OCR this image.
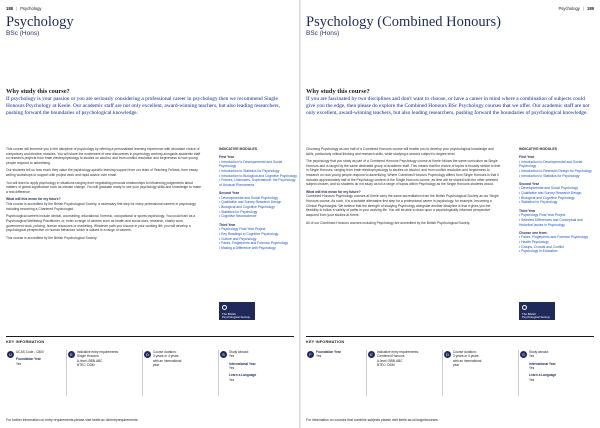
188 | Psychology
Psychology
BSc (Hons)
Why study this course?
If psychology is your passion or you are seriously considering a professional career in psychology then we recommend Single Honours Psychology at Keele. Our academic staff are not only excellent, award-winning teachers, but also leading researchers, pushing forward the boundaries of psychological knowledge.

This course will immerse you in the discipline of psychology by offering a personalised learning experience with abundant choice of compulsory and elective modules. You will share the excitement of new discoveries in psychology working alongside academic staff on research projects from brain electrophysiology to studies on alcohol, and from conflict resolution and forgiveness to how young people respond to advertising.

Our students tell us how much they value the psychology-specific learning support from our team of Teaching Fellows, from essay writing workshops to support with project work and rapid advice over email.

You will learn to apply psychology in situations ranging from negotiating personal relationships to influencing judgements about matters of global significance such as climate change. You will graduate ready to use your psychology skills and knowledge to make a real difference.

What will this mean for my future?

This course is accredited by the British Psychological Society, a necessary first step for many professional careers in psychology including becoming a Chartered Psychologist.

Psychological careers include clinical, counselling, educational, forensic, occupational or sports psychology. You could train as a Psychological Wellbeing Practitioner, or, enter a range of careers such as health and social work, research, charity work, government work, policing, human resources or marketing. Whatever path you choose in your working life, you will develop a psychological perspective on human behaviour which is valued in a range of careers.

This course is accredited by the British Psychological Society.

INDICATIVE MODULES
First Year
• Introduction to Developmental and Social Psychology
• Introduction to Statistics for Psychology
• Introduction to Biological and Cognitive Psychology
• Futures, Unknowns, Supernatural: the Psychology of Unusual Phenomena
Second Year
• Developmental and Social Psychology
• Qualitative and Survey Research Design
• Biological and Cognitive Psychology
• Statistics for Psychology
• Cognitive Neuroscience
Third Year
• Psychology Final Year Project
• Key Readings in Cognitive Psychology
• Culture and Psychology
• Faces, Fingerprints and Forensic Psychology
• Making a Difference with Psychology

The British Psychological Society
KEY INFORMATION
U	UCAS Code - C800
Foundation Year
Yes
E	Indicative entry requirements:
Single Honours
A-level: BBB-ABC
BTEC: DDM
D	Course duration:
3 years or 4 years
with an international
year
S	Study abroad:
Yes
International Year
Yes
Learn a Language
Yes
For further information on entry requirements please visit keele.ac.uk/entryrequirements
Psychology | 189
Psychology (Combined Honours)
BSc (Hons)
Why study this course?
If you are fascinated by two disciplines and don't want to choose, or have a career in mind where a combination of subjects could give you the edge, then please do explore the Combined Honours BSc Psychology courses that we offer. Our academic staff are not only excellent, award-winning teachers, but also leading researchers, pushing forward the boundaries of psychological knowledge.

Choosing Psychology as one half of a Combined Honours course will enable you to develop your psychological knowledge and skills, particularly critical thinking and research skills, while studying a second subject to degree level.

The psychology that you study as part of a Combined Honours Psychology course at Keele follows the same curriculum as Single Honours and is taught by the same dedicated group of academic staff. This means that the choice of topics is broadly similar to that in Single Honours, ranging from brain electrophysiology to studies on alcohol, and from conflict resolution and forgiveness to research on how young people respond to advertising. Where Combined Honours Psychology differs from Single Honours is that it includes approximately half of the Psychology content of the Single Honours course, as time will be shared with the other selected subject chosen, and so students do not study as full a range of topics within Psychology as the Single Honours students would.

What will this mean for my future?

Combined Honours Psychology courses at Keele carry the same accreditation from the British Psychological Society as our Single Honours course. As such, it is a suitable alternative first step for a professional career in psychology, for example, becoming a Clinical Psychologist. We believe that the strength of studying Psychology alongside another discipline is that it gives you the flexibility to follow a variety of paths in your working life. You will be able to draw upon a psychologically informed perspective acquired from your studies at Keele.

All of our Combined Honours courses including Psychology are accredited by the British Psychological Society.

INDICATIVE MODULES
First Year
• Introduction to Developmental and Social Psychology
• Introduction to Research Design for Psychology
• Introduction to Statistics for Psychology
Second Year
• Developmental and Social Psychology
• Qualitative and Survey Research Design
• Biological and Cognitive Psychology
• Statistics for Psychology
Third Year
• Psychology Final Year Project
• Selected Differences and Conceptual and Historical Issues in Psychology
Choose one from:
• Faces, Fingerprints and Forensic Psychology
• Health Psychology
• Groups, Crowds and Conflict
• Psychology in Education

The British Psychological Society
KEY INFORMATION
F	Foundation Year
Yes	E	Indicative entry requirements:
Combined Honours
A-level: BBB-ABC
BTEC: DDM
D	Course duration:
3 years or 4 years
with an international
year
S	Study abroad:
Yes
International Year
Yes
Learn a Language
Yes
For information on courses that combine subjects please visit keele.ac.uk/cognitcourses
